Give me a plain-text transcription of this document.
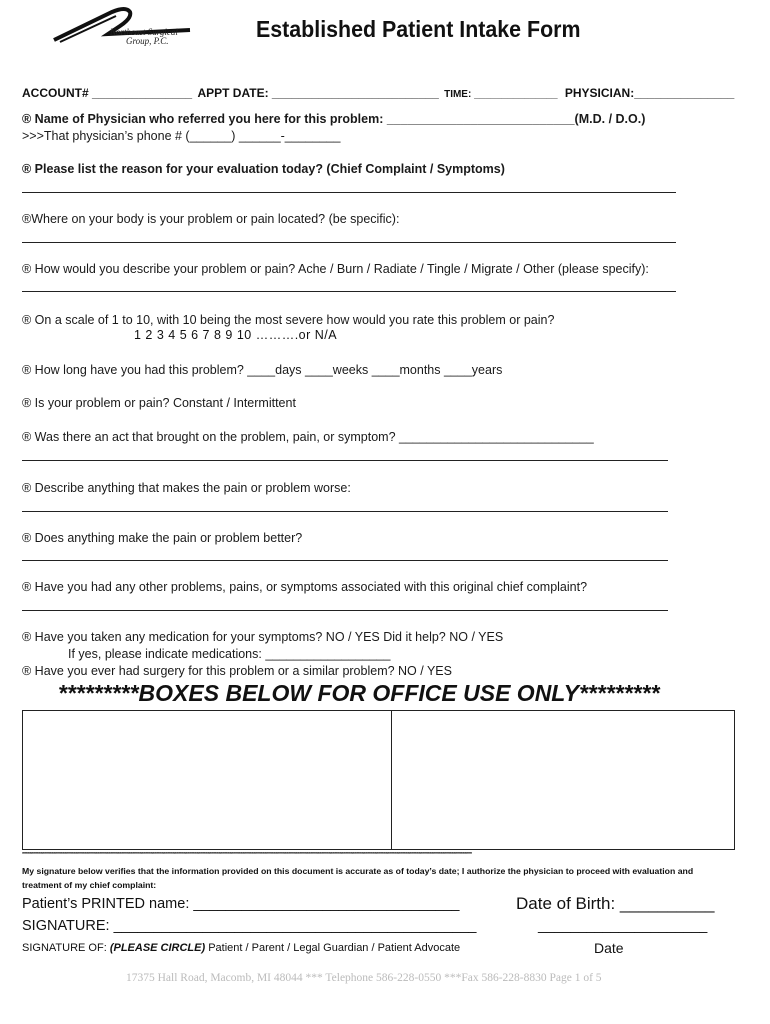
Northeast Surgical
Group, P.C.	Established Patient Intake Form
ACCOUNT# _______________ APPT DATE: _________________________ TIME: _______________ PHYSICIAN:_______________
® Name of Physician who referred you here for this problem: ___________________________(M.D. / D.O.)
>>>That physician’s phone # (______) ______-________
® Please list the reason for your evaluation today? (Chief Complaint / Symptoms)
®Where on your body is your problem or pain located? (be specific):
® How would you describe your problem or pain? Ache / Burn / Radiate / Tingle / Migrate / Other (please specify):
® On a scale of 1 to 10, with 10 being the most severe how would you rate this problem or pain?
1 2 3 4 5 6 7 8 9 10 ……….or N/A
® How long have you had this problem? ____days ____weeks ____months ____years
® Is your problem or pain? Constant / Intermittent
® Was there an act that brought on the problem, pain, or symptom? ____________________________
® Describe anything that makes the pain or problem worse:
® Does anything make the pain or problem better?
® Have you had any other problems, pains, or symptoms associated with this original chief complaint?
® Have you taken any medication for your symptoms? NO / YES Did it help? NO / YES
If yes, please indicate medications: __________________
® Have you ever had surgery for this problem or a similar problem? NO / YES
*********BOXES BELOW FOR OFFICE USE ONLY*********
*****************************************************************************************************************************************************************************************************************************************************
My signature below verifies that the information provided on this document is accurate as of today’s date; I authorize the physician to proceed with evaluation and treatment of my chief complaint:
Patient’s PRINTED name: _________________________________	Date of Birth: __________
SIGNATURE: _____________________________________________	_____________________
SIGNATURE OF: (PLEASE CIRCLE) Patient / Parent / Legal Guardian / Patient Advocate	Date
17375 Hall Road, Macomb, MI 48044 *** Telephone 586-228-0550 ***Fax 586-228-8830 Page 1 of 5
